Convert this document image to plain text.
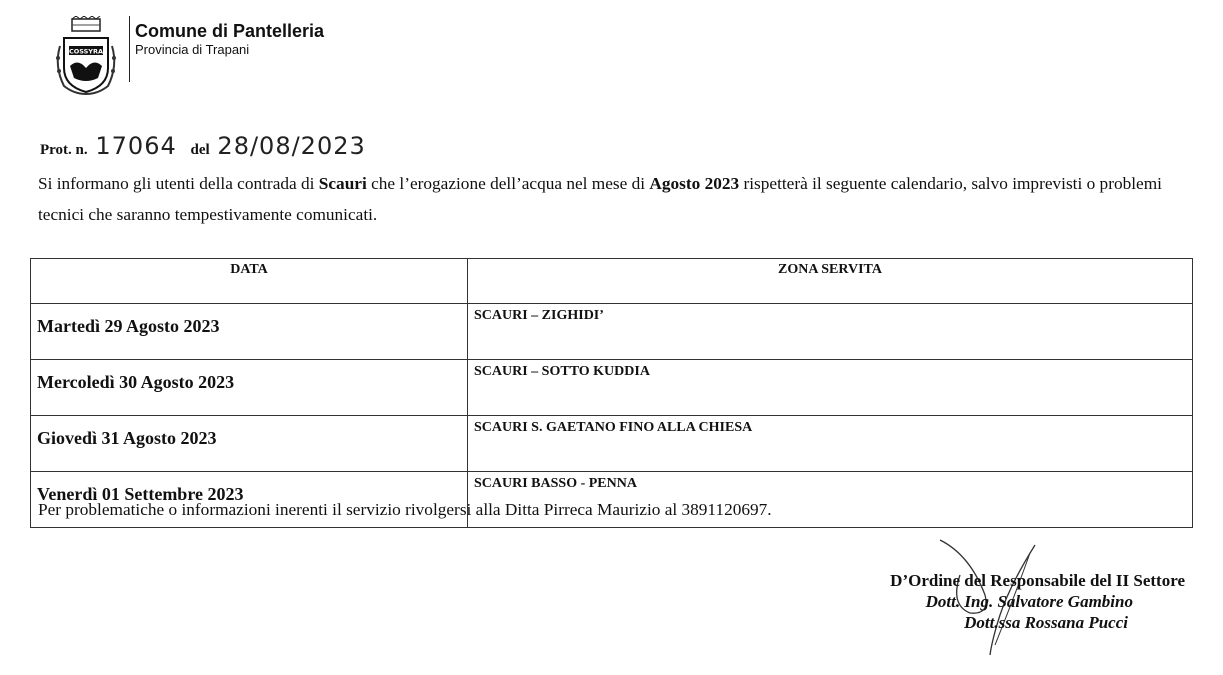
COSSYRA
Comune di Pantelleria
Provincia di Trapani
Prot. n. 17064 del 28/08/2023
Si informano gli utenti della contrada di Scauri che l’erogazione dell’acqua nel mese di Agosto 2023 rispetterà il seguente calendario, salvo imprevisti o problemi tecnici che saranno tempestivamente comunicati.
DATA	ZONA SERVITA
Martedì 29 Agosto 2023	SCAURI – ZIGHIDI’
Mercoledì 30 Agosto 2023	SCAURI – SOTTO KUDDIA
Giovedì 31 Agosto 2023	SCAURI S. GAETANO FINO ALLA CHIESA
Venerdì 01 Settembre 2023	SCAURI BASSO - PENNA
Per problematiche o informazioni inerenti il servizio rivolgersi alla Ditta Pirreca Maurizio al 3891120697.
D’Ordine del Responsabile del II Settore
Dott. Ing. Salvatore Gambino
Dott.ssa Rossana Pucci
